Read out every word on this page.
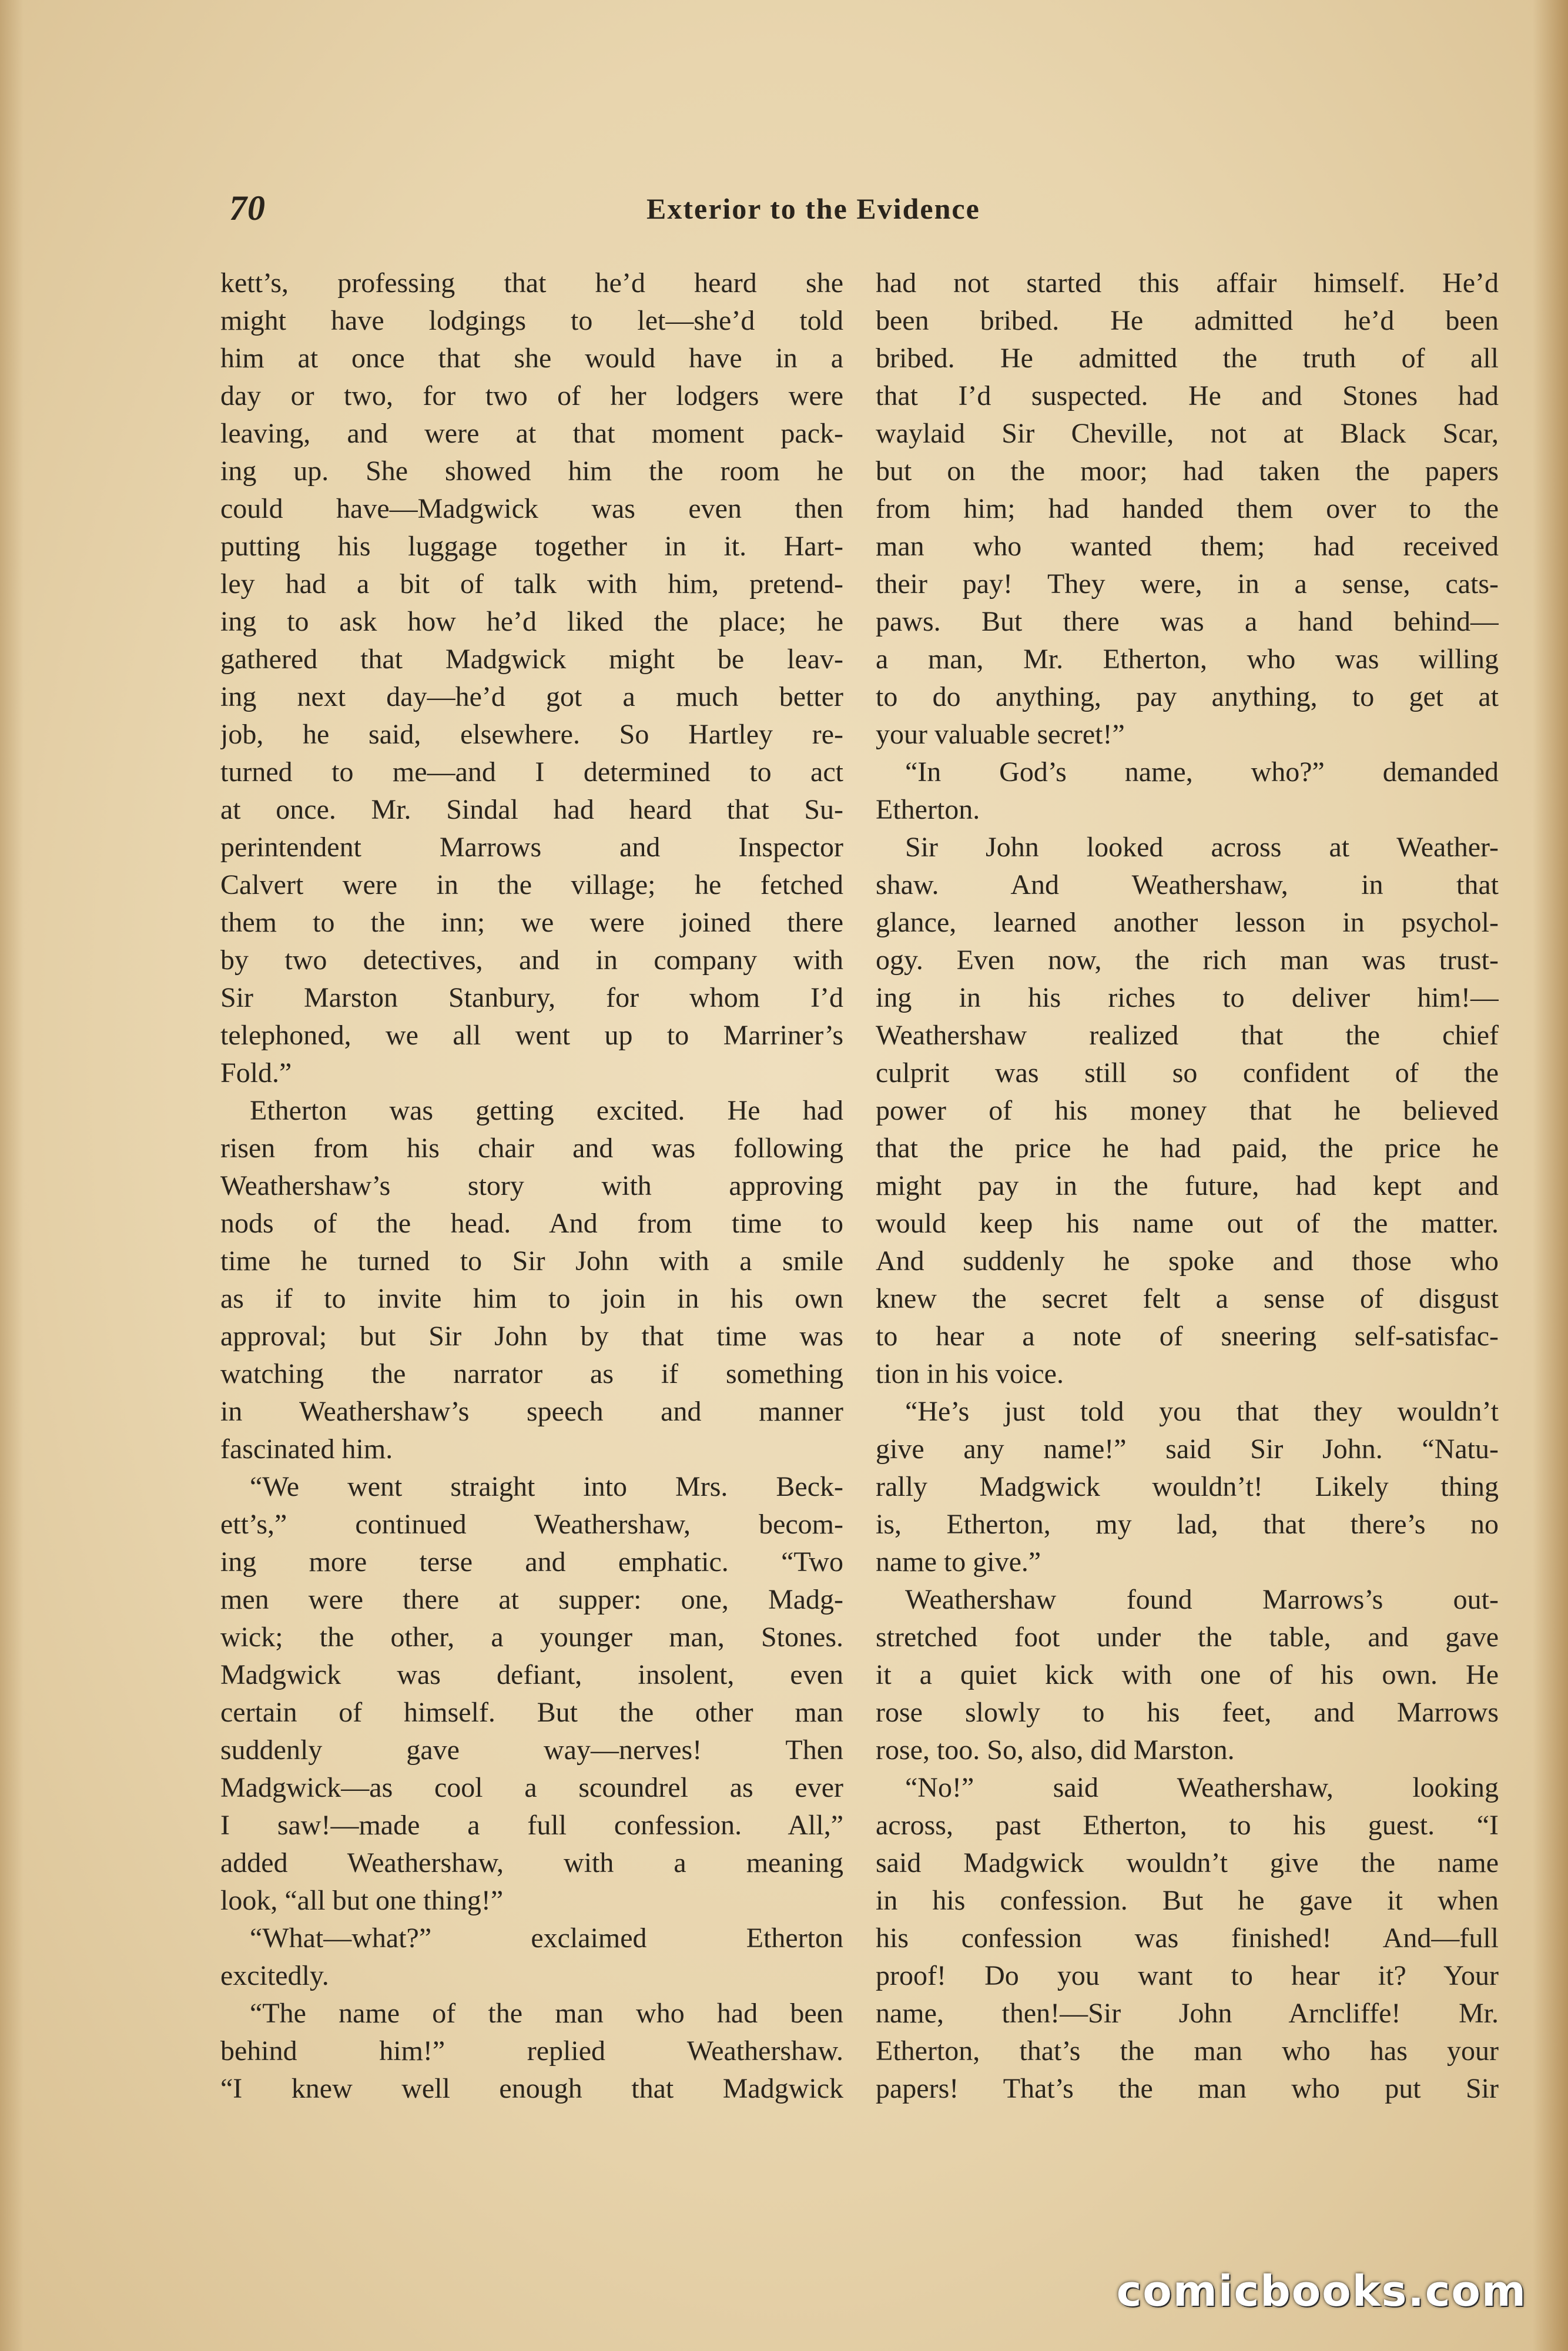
70	Exterior to the Evidence
kett’s, professing that he’d heard she
might have lodgings to let—she’d told
him at once that she would have in a
day or two, for two of her lodgers were
leaving, and were at that moment pack-
ing up. She showed him the room he
could have—Madgwick was even then
putting his luggage together in it. Hart-
ley had a bit of talk with him, pretend-
ing to ask how he’d liked the place; he
gathered that Madgwick might be leav-
ing next day—he’d got a much better
job, he said, elsewhere. So Hartley re-
turned to me—and I determined to act
at once. Mr. Sindal had heard that Su-
perintendent Marrows and Inspector
Calvert were in the village; he fetched
them to the inn; we were joined there
by two detectives, and in company with
Sir Marston Stanbury, for whom I’d
telephoned, we all went up to Marriner’s
Fold.”
Etherton was getting excited. He had
risen from his chair and was following
Weathershaw’s story with approving
nods of the head. And from time to
time he turned to Sir John with a smile
as if to invite him to join in his own
approval; but Sir John by that time was
watching the narrator as if something
in Weathershaw’s speech and manner
fascinated him.
“We went straight into Mrs. Beck-
ett’s,” continued Weathershaw, becom-
ing more terse and emphatic. “Two
men were there at supper: one, Madg-
wick; the other, a younger man, Stones.
Madgwick was defiant, insolent, even
certain of himself. But the other man
suddenly gave way—nerves! Then
Madgwick—as cool a scoundrel as ever
I saw!—made a full confession. All,”
added Weathershaw, with a meaning
look, “all but one thing!”
“What—what?” exclaimed Etherton
excitedly.
“The name of the man who had been
behind him!” replied Weathershaw.
“I knew well enough that Madgwick
had not started this affair himself. He’d
been bribed. He admitted he’d been
bribed. He admitted the truth of all
that I’d suspected. He and Stones had
waylaid Sir Cheville, not at Black Scar,
but on the moor; had taken the papers
from him; had handed them over to the
man who wanted them; had received
their pay! They were, in a sense, cats-
paws. But there was a hand behind—
a man, Mr. Etherton, who was willing
to do anything, pay anything, to get at
your valuable secret!”
“In God’s name, who?” demanded
Etherton.
Sir John looked across at Weather-
shaw. And Weathershaw, in that
glance, learned another lesson in psychol-
ogy. Even now, the rich man was trust-
ing in his riches to deliver him!—
Weathershaw realized that the chief
culprit was still so confident of the
power of his money that he believed
that the price he had paid, the price he
might pay in the future, had kept and
would keep his name out of the matter.
And suddenly he spoke and those who
knew the secret felt a sense of disgust
to hear a note of sneering self-satisfac-
tion in his voice.
“He’s just told you that they wouldn’t
give any name!” said Sir John. “Natu-
rally Madgwick wouldn’t! Likely thing
is, Etherton, my lad, that there’s no
name to give.”
Weathershaw found Marrows’s out-
stretched foot under the table, and gave
it a quiet kick with one of his own. He
rose slowly to his feet, and Marrows
rose, too. So, also, did Marston.
“No!” said Weathershaw, looking
across, past Etherton, to his guest. “I
said Madgwick wouldn’t give the name
in his confession. But he gave it when
his confession was finished! And—full
proof! Do you want to hear it? Your
name, then!—Sir John Arncliffe! Mr.
Etherton, that’s the man who has your
papers! That’s the man who put Sir
comicbooks.com
